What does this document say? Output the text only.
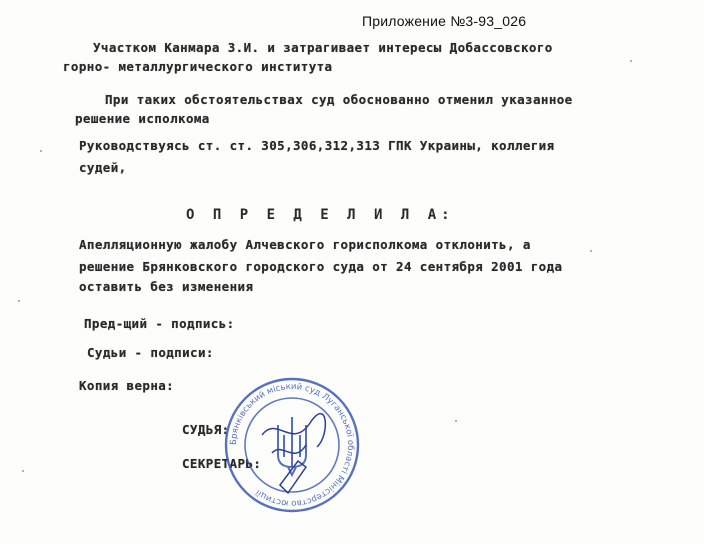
Приложение №3-93_026
Участком Канмара З.И. и затрагивает интересы Добассовского
горно- металлургического института
При таких обстоятельствах суд обоснованно отменил указанное
решение исполкома
Руководствуясь ст. ст. 305,306,312,313 ГПК Украины, коллегия
судей,
О П Р Е Д Е Л И Л А:
Апелляционную жалобу Алчевского горисполкома отклонить, а
решение Брянковского городского суда от 24 сентября 2001 года
оставить без изменения
Пред-щий - подпись:
Судьи - подписи:
Копия верна:
СУДЬЯ:
СЕКРЕТАРЬ:
Брянківський міський суд Луганської області Міністерство юстиції
